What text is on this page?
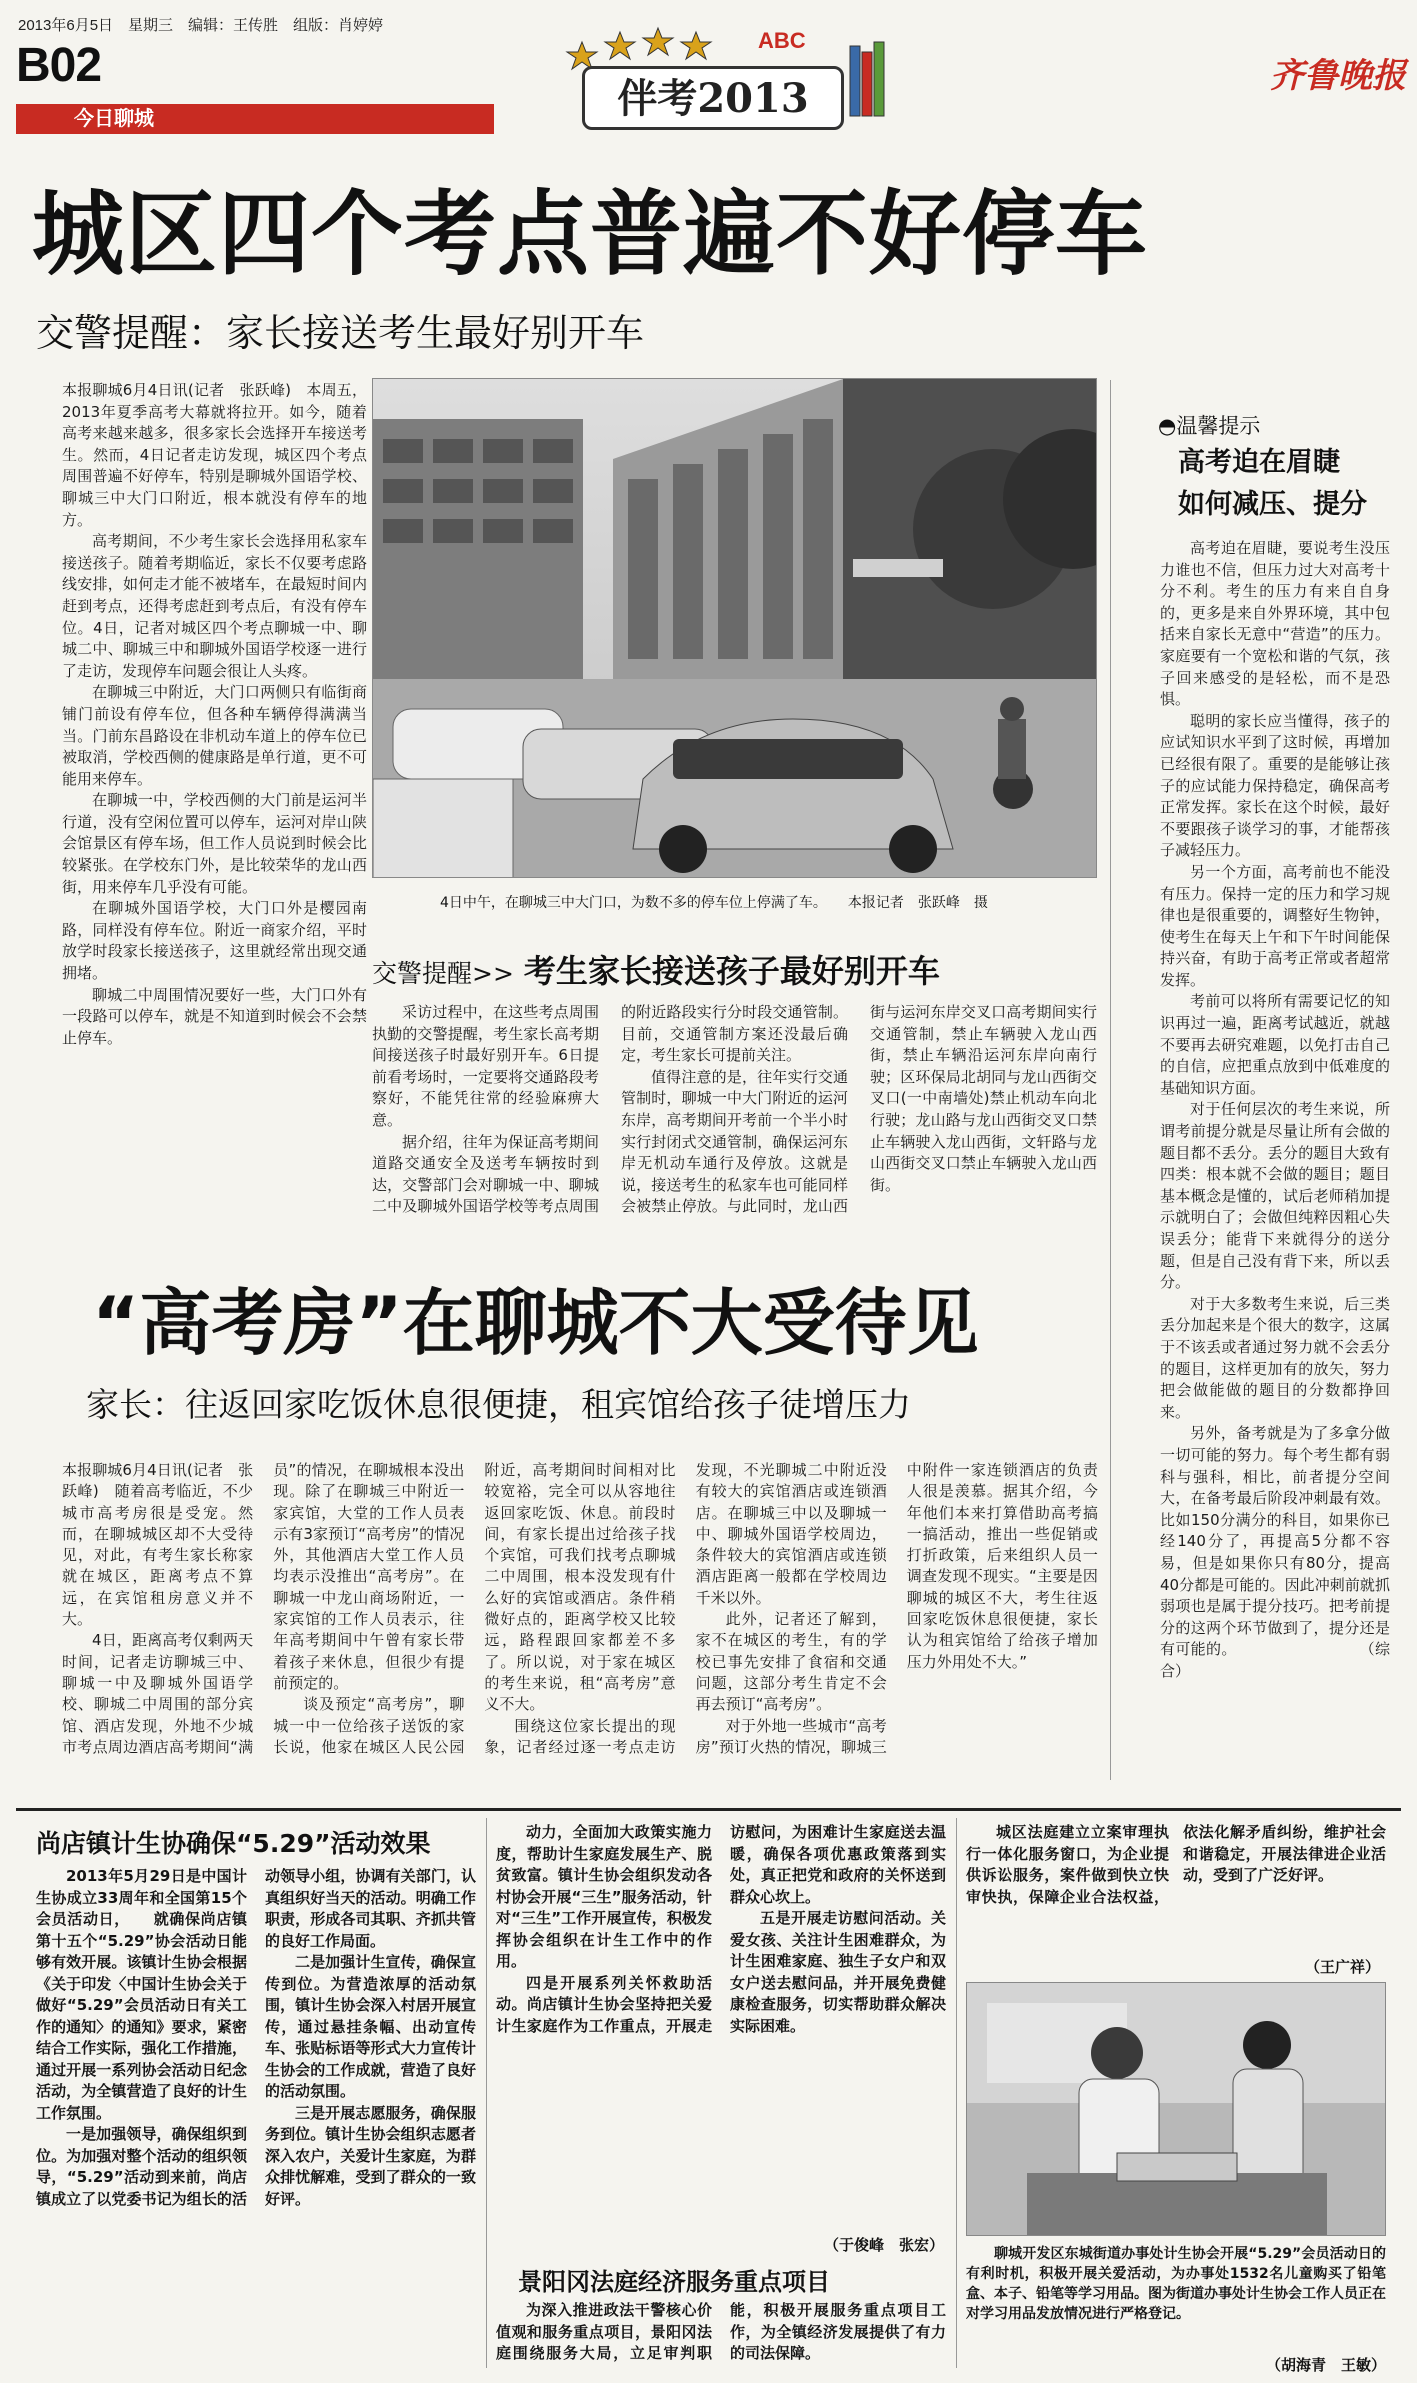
2013年6月5日　星期三　编辑：王传胜　组版：肖婷婷
B02
今日聊城
齐鲁晚报
ABC
伴考2013
城区四个考点普遍不好停车
交警提醒：家长接送考生最好别开车

本报聊城6月4日讯(记者　张跃峰)　本周五，2013年夏季高考大幕就将拉开。如今，随着高考来越来越多，很多家长会选择开车接送考生。然而，4日记者走访发现，城区四个考点周围普遍不好停车，特别是聊城外国语学校、聊城三中大门口附近，根本就没有停车的地方。

高考期间，不少考生家长会选择用私家车接送孩子。随着考期临近，家长不仅要考虑路线安排，如何走才能不被堵车，在最短时间内赶到考点，还得考虑赶到考点后，有没有停车位。4日，记者对城区四个考点聊城一中、聊城二中、聊城三中和聊城外国语学校逐一进行了走访，发现停车问题会很让人头疼。

在聊城三中附近，大门口两侧只有临街商铺门前设有停车位，但各种车辆停得满满当当。门前东昌路设在非机动车道上的停车位已被取消，学校西侧的健康路是单行道，更不可能用来停车。

在聊城一中，学校西侧的大门前是运河半行道，没有空闲位置可以停车，运河对岸山陕会馆景区有停车场，但工作人员说到时候会比较紧张。在学校东门外，是比较荣华的龙山西街，用来停车几乎没有可能。

在聊城外国语学校，大门口外是樱园南路，同样没有停车位。附近一商家介绍，平时放学时段家长接送孩子，这里就经常出现交通拥堵。

聊城二中周围情况要好一些，大门口外有一段路可以停车，就是不知道到时候会不会禁止停车。

4日中午，在聊城三中大门口，为数不多的停车位上停满了车。　　本报记者　张跃峰　摄
交警提醒>> 考生家长接送孩子最好别开车

采访过程中，在这些考点周围执勤的交警提醒，考生家长高考期间接送孩子时最好别开车。6日提前看考场时，一定要将交通路段考察好，不能凭往常的经验麻痹大意。

据介绍，往年为保证高考期间道路交通安全及送考车辆按时到达，交警部门会对聊城一中、聊城二中及聊城外国语学校等考点周围的附近路段实行分时段交通管制。目前，交通管制方案还没最后确定，考生家长可提前关注。

值得注意的是，往年实行交通管制时，聊城一中大门附近的运河东岸，高考期间开考前一个半小时实行封闭式交通管制，确保运河东岸无机动车通行及停放。这就是说，接送考生的私家车也可能同样会被禁止停放。与此同时，龙山西街与运河东岸交叉口高考期间实行交通管制，禁止车辆驶入龙山西街，禁止车辆沿运河东岸向南行驶；区环保局北胡同与龙山西街交叉口(一中南墙处)禁止机动车向北行驶；龙山路与龙山西街交叉口禁止车辆驶入龙山西街，文轩路与龙山西街交叉口禁止车辆驶入龙山西街。

◓温馨提示
高考迫在眉睫
如何减压、提分

高考迫在眉睫，要说考生没压力谁也不信，但压力过大对高考十分不利。考生的压力有来自自身的，更多是来自外界环境，其中包括来自家长无意中“营造”的压力。家庭要有一个宽松和谐的气氛，孩子回来感受的是轻松，而不是恐惧。

聪明的家长应当懂得，孩子的应试知识水平到了这时候，再增加已经很有限了。重要的是能够让孩子的应试能力保持稳定，确保高考正常发挥。家长在这个时候，最好不要跟孩子谈学习的事，才能帮孩子减轻压力。

另一个方面，高考前也不能没有压力。保持一定的压力和学习规律也是很重要的，调整好生物钟，使考生在每天上午和下午时间能保持兴奋，有助于高考正常或者超常发挥。

考前可以将所有需要记忆的知识再过一遍，距离考试越近，就越不要再去研究难题，以免打击自己的自信，应把重点放到中低难度的基础知识方面。

对于任何层次的考生来说，所谓考前提分就是尽量让所有会做的题目都不丢分。丢分的题目大致有四类：根本就不会做的题目；题目基本概念是懂的，试后老师稍加提示就明白了；会做但纯粹因粗心失误丢分；能背下来就得分的送分题，但是自己没有背下来，所以丢分。

对于大多数考生来说，后三类丢分加起来是个很大的数字，这属于不该丢或者通过努力就不会丢分的题目，这样更加有的放矢，努力把会做能做的题目的分数都挣回来。

另外，备考就是为了多拿分做一切可能的努力。每个考生都有弱科与强科，相比，前者提分空间大，在备考最后阶段冲刺最有效。比如150分满分的科目，如果你已经140分了，再提高5分都不容易，但是如果你只有80分，提高40分都是可能的。因此冲刺前就抓弱项也是属于提分技巧。把考前提分的这两个环节做到了，提分还是有可能的。　　　　　　　　　（综合）

“高考房”在聊城不大受待见
家长：往返回家吃饭休息很便捷，租宾馆给孩子徒增压力

本报聊城6月4日讯(记者　张跃峰)　随着高考临近，不少城市高考房很是受宠。然而，在聊城城区却不大受待见，对此，有考生家长称家就在城区，距离考点不算远，在宾馆租房意义并不大。

4日，距离高考仅剩两天时间，记者走访聊城三中、聊城一中及聊城外国语学校、聊城二中周围的部分宾馆、酒店发现，外地不少城市考点周边酒店高考期间“满员”的情况，在聊城根本没出现。除了在聊城三中附近一家宾馆，大堂的工作人员表示有3家预订“高考房”的情况外，其他酒店大堂工作人员均表示没推出“高考房”。在聊城一中龙山商场附近，一家宾馆的工作人员表示，往年高考期间中午曾有家长带着孩子来休息，但很少有提前预定的。

谈及预定“高考房”，聊城一中一位给孩子送饭的家长说，他家在城区人民公园附近，高考期间时间相对比较宽裕，完全可以从容地往返回家吃饭、休息。前段时间，有家长提出过给孩子找个宾馆，可我们找考点聊城二中周围，根本没发现有什么好的宾馆或酒店。条件稍微好点的，距离学校又比较远，路程跟回家都差不多了。所以说，对于家在城区的考生来说，租“高考房”意义不大。

围绕这位家长提出的现象，记者经过逐一考点走访发现，不光聊城二中附近没有较大的宾馆酒店或连锁酒店。在聊城三中以及聊城一中、聊城外国语学校周边，条件较大的宾馆酒店或连锁酒店距离一般都在学校周边千米以外。

此外，记者还了解到，家不在城区的考生，有的学校已事先安排了食宿和交通问题，这部分考生肯定不会再去预订“高考房”。

对于外地一些城市“高考房”预订火热的情况，聊城三中附件一家连锁酒店的负责人很是羡慕。据其介绍，今年他们本来打算借助高考搞一搞活动，推出一些促销或打折政策，后来组织人员一调查发现不现实。“主要是因聊城的城区不大，考生往返回家吃饭休息很便捷，家长认为租宾馆给了给孩子增加压力外用处不大。”

尚店镇计生协确保“5.29”活动效果

2013年5月29日是中国计生协成立33周年和全国第15个会员活动日，　　就确保尚店镇第十五个“5.29”协会活动日能够有效开展。该镇计生协会根据《关于印发〈中国计生协会关于做好“5.29”会员活动日有关工作的通知〉的通知》要求，紧密结合工作实际，强化工作措施，通过开展一系列协会活动日纪念活动，为全镇营造了良好的计生工作氛围。

一是加强领导，确保组织到位。为加强对整个活动的组织领导，“5.29”活动到来前，尚店镇成立了以党委书记为组长的活动领导小组，协调有关部门，认真组织好当天的活动。明确工作职责，形成各司其职、齐抓共管的良好工作局面。

二是加强计生宣传，确保宣传到位。为营造浓厚的活动氛围，镇计生协会深入村居开展宣传，通过悬挂条幅、出动宣传车、张贴标语等形式大力宣传计生协会的工作成就，营造了良好的活动氛围。

三是开展志愿服务，确保服务到位。镇计生协会组织志愿者深入农户，关爱计生家庭，为群众排忧解难，受到了群众的一致好评。

动力，全面加大政策实施力度，帮助计生家庭发展生产、脱贫致富。镇计生协会组织发动各村协会开展“三生”服务活动，针对“三生”工作开展宣传，积极发挥协会组织在计生工作中的作用。

四是开展系列关怀救助活动。尚店镇计生协会坚持把关爱计生家庭作为工作重点，开展走访慰问，为困难计生家庭送去温暖，确保各项优惠政策落到实处，真正把党和政府的关怀送到群众心坎上。

五是开展走访慰问活动。关爱女孩、关注计生困难群众，为计生困难家庭、独生子女户和双女户送去慰问品，并开展免费健康检查服务，切实帮助群众解决实际困难。

（于俊峰　张宏）
景阳冈法庭经济服务重点项目

为深入推进政法干警核心价值观和服务重点项目，景阳冈法庭围绕服务大局，立足审判职能，积极开展服务重点项目工作，为全镇经济发展提供了有力的司法保障。

城区法庭建立立案审理执行一体化服务窗口，为企业提供诉讼服务，案件做到快立快审快执，保障企业合法权益，依法化解矛盾纠纷，维护社会和谐稳定，开展法律进企业活动，受到了广泛好评。

（王广祥）

聊城开发区东城街道办事处计生协会开展“5.29”会员活动日的有利时机，积极开展关爱活动，为办事处1532名儿童购买了铅笔盒、本子、铅笔等学习用品。图为街道办事处计生协会工作人员正在对学习用品发放情况进行严格登记。

（胡海青　王敏）
